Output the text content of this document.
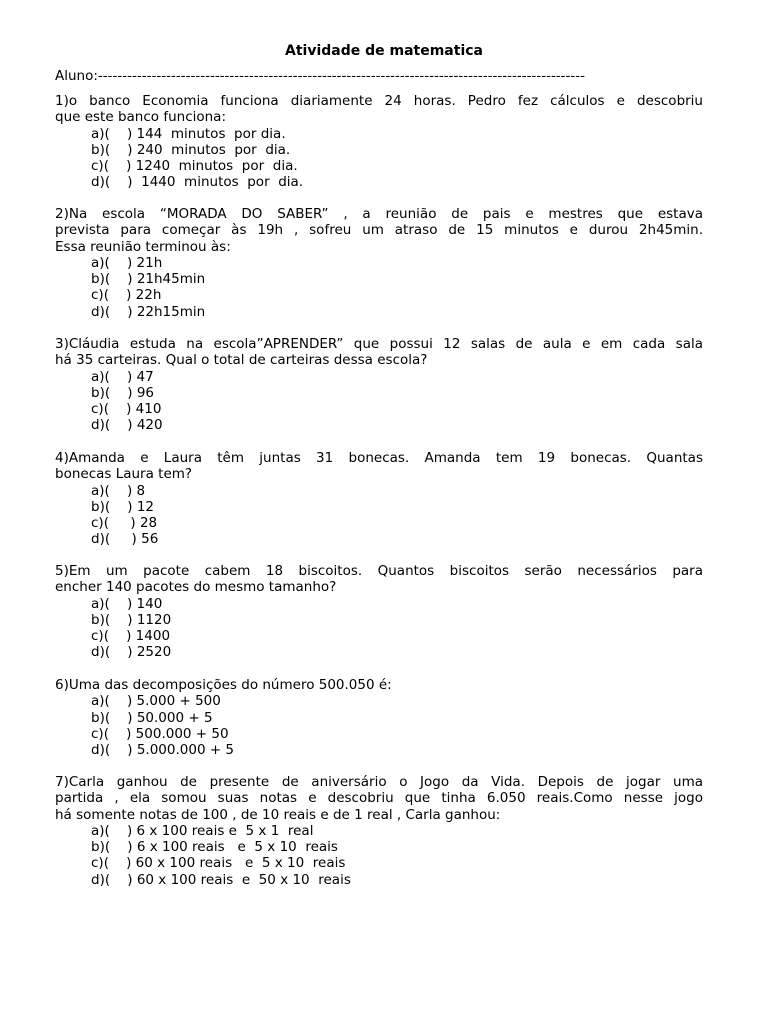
Atividade de matematica
Aluno:----------------------------------------------------------------------------------------------------
1)o banco Economia funciona diariamente 24 horas. Pedro fez cálculos e descobriu
que este banco funciona:
a)(    ) 144  minutos  por dia.
b)(    ) 240  minutos  por  dia.
c)(    ) 1240  minutos  por  dia.
d)(    )  1440  minutos  por  dia.
2)Na escola “MORADA DO SABER” , a reunião de pais e mestres que estava
prevista para começar às 19h , sofreu um atraso de 15 minutos e durou 2h45min.
Essa reunião terminou às:
a)(    ) 21h
b)(    ) 21h45min
c)(    ) 22h
d)(    ) 22h15min
3)Cláudia estuda na escola”APRENDER” que possui 12 salas de aula e em cada sala
há 35 carteiras. Qual o total de carteiras dessa escola?
a)(    ) 47
b)(    ) 96
c)(    ) 410
d)(    ) 420
4)Amanda e Laura têm juntas 31 bonecas. Amanda tem 19 bonecas. Quantas
bonecas Laura tem?
a)(    ) 8
b)(    ) 12
c)(     ) 28
d)(     ) 56
5)Em um pacote cabem 18 biscoitos. Quantos biscoitos serão necessários para
encher 140 pacotes do mesmo tamanho?
a)(    ) 140
b)(    ) 1120
c)(    ) 1400
d)(    ) 2520
6)Uma das decomposições do número 500.050 é:
a)(    ) 5.000 + 500
b)(    ) 50.000 + 5
c)(    ) 500.000 + 50
d)(    ) 5.000.000 + 5
7)Carla ganhou de presente de aniversário o Jogo da Vida. Depois de jogar uma
partida , ela somou suas notas e descobriu que tinha 6.050 reais.Como nesse jogo
há somente notas de 100 , de 10 reais e de 1 real , Carla ganhou:
a)(    ) 6 x 100 reais e  5 x 1  real
b)(    ) 6 x 100 reais   e  5 x 10  reais
c)(    ) 60 x 100 reais   e  5 x 10  reais
d)(    ) 60 x 100 reais  e  50 x 10  reais
